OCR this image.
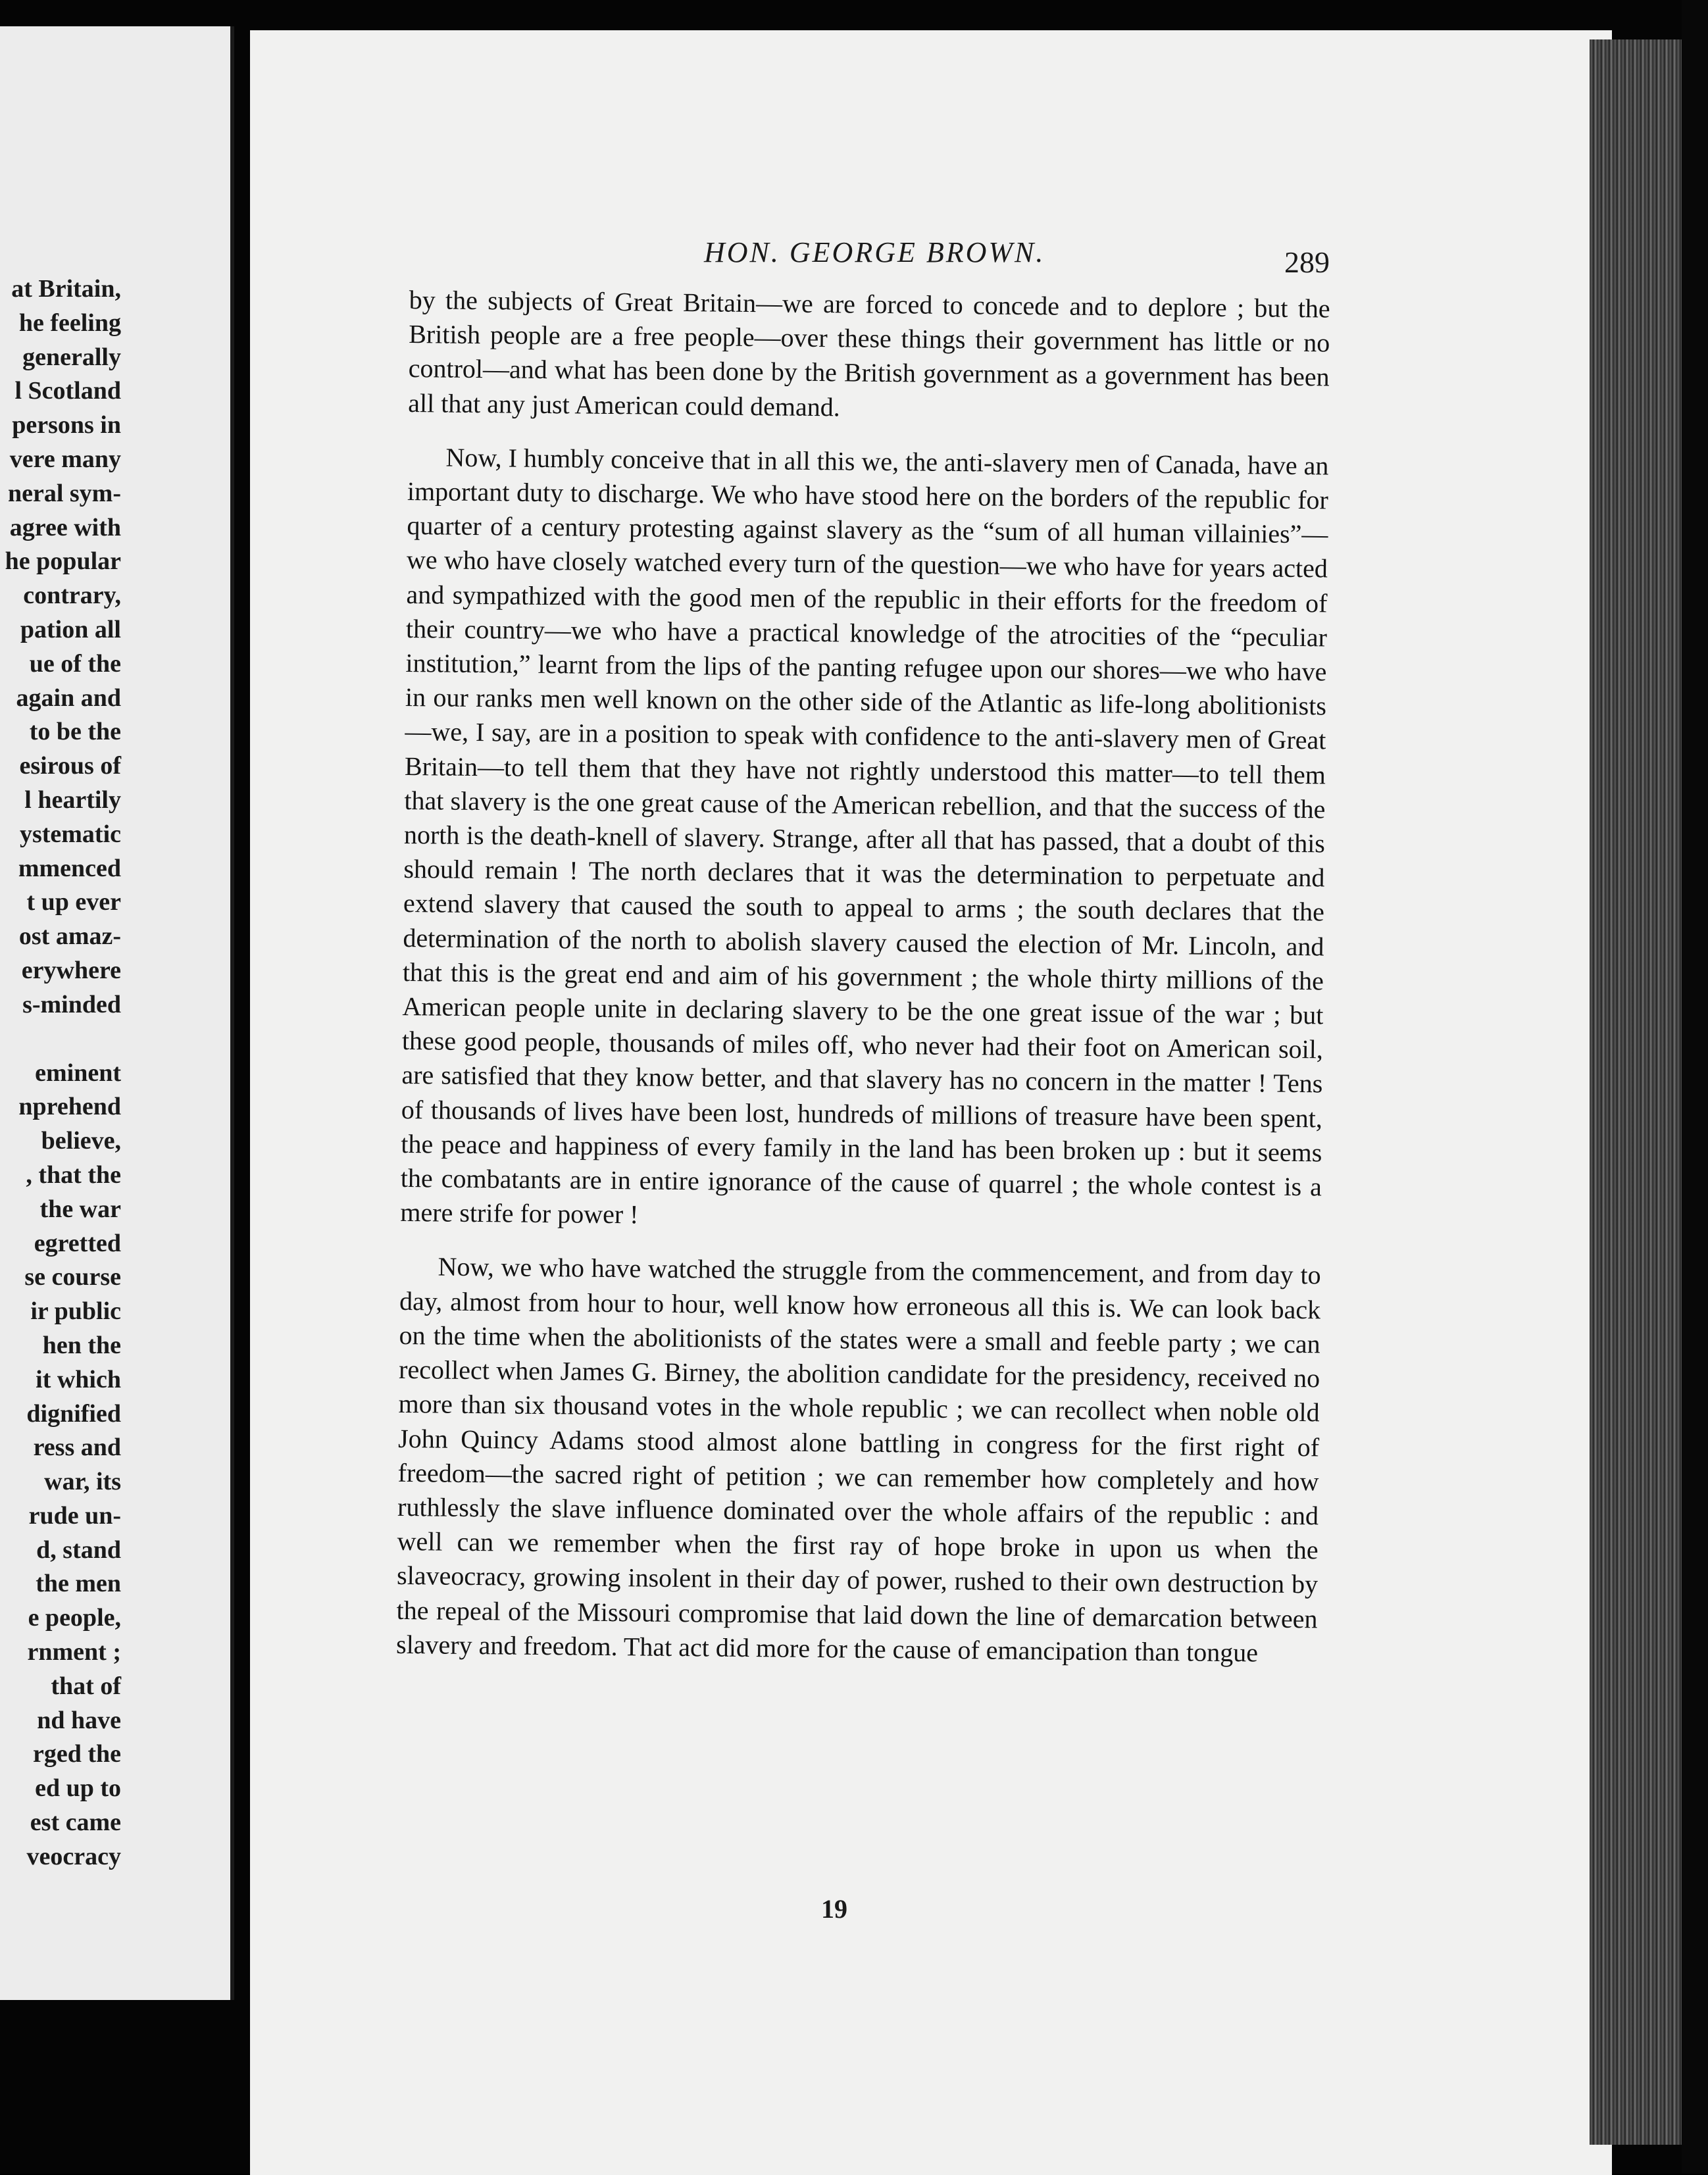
at Britain,
he feeling
generally
l Scotland
persons in
vere many
neral sym-
agree with
he popular
contrary,
pation all
ue of the
again and
to be the
esirous of
l heartily
ystematic
mmenced
t up ever
ost amaz-
erywhere
s-minded
eminent
nprehend
believe,
, that the
the war
egretted
se course
ir public
hen the
it which
dignified
ress and
war, its
rude un-
d, stand
the men
e people,
rnment ;
that of
nd have
rged the
ed up to
est came
veocracy
HON. GEORGE BROWN.	289

by the subjects of Great Britain—we are forced to concede and to deplore ; but the British people are a free people—over these things their government has little or no control—and what has been done by the British government as a government has been all that any just American could demand.

Now, I humbly conceive that in all this we, the anti-slavery men of Canada, have an important duty to discharge. We who have stood here on the borders of the republic for quarter of a century protesting against slavery as the “sum of all human villainies”—we who have closely watched every turn of the question—we who have for years acted and sympathized with the good men of the republic in their efforts for the freedom of their country—we who have a practical knowledge of the atrocities of the “peculiar institution,” learnt from the lips of the panting refugee upon our shores—we who have in our ranks men well known on the other side of the Atlantic as life-long abolitionists—we, I say, are in a position to speak with confidence to the anti-slavery men of Great Britain—to tell them that they have not rightly understood this matter—to tell them that slavery is the one great cause of the American rebellion, and that the success of the north is the death-knell of slavery. Strange, after all that has passed, that a doubt of this should remain ! The north declares that it was the determination to perpetuate and extend slavery that caused the south to appeal to arms ; the south declares that the determination of the north to abolish slavery caused the election of Mr. Lincoln, and that this is the great end and aim of his government ; the whole thirty millions of the American people unite in declaring slavery to be the one great issue of the war ; but these good people, thousands of miles off, who never had their foot on American soil, are satisfied that they know better, and that slavery has no concern in the matter ! Tens of thousands of lives have been lost, hundreds of millions of treasure have been spent, the peace and happiness of every family in the land has been broken up : but it seems the combatants are in entire ignorance of the cause of quarrel ; the whole contest is a mere strife for power !

Now, we who have watched the struggle from the commencement, and from day to day, almost from hour to hour, well know how erroneous all this is. We can look back on the time when the abolitionists of the states were a small and feeble party ; we can recollect when James G. Birney, the abolition candidate for the presidency, received no more than six thousand votes in the whole republic ; we can recollect when noble old John Quincy Adams stood almost alone battling in congress for the first right of freedom—the sacred right of petition ; we can remember how completely and how ruthlessly the slave influence dominated over the whole affairs of the republic : and well can we remember when the first ray of hope broke in upon us when the slaveocracy, growing insolent in their day of power, rushed to their own destruction by the repeal of the Missouri compromise that laid down the line of demarcation between slavery and freedom. That act did more for the cause of emancipation than tongue

19
